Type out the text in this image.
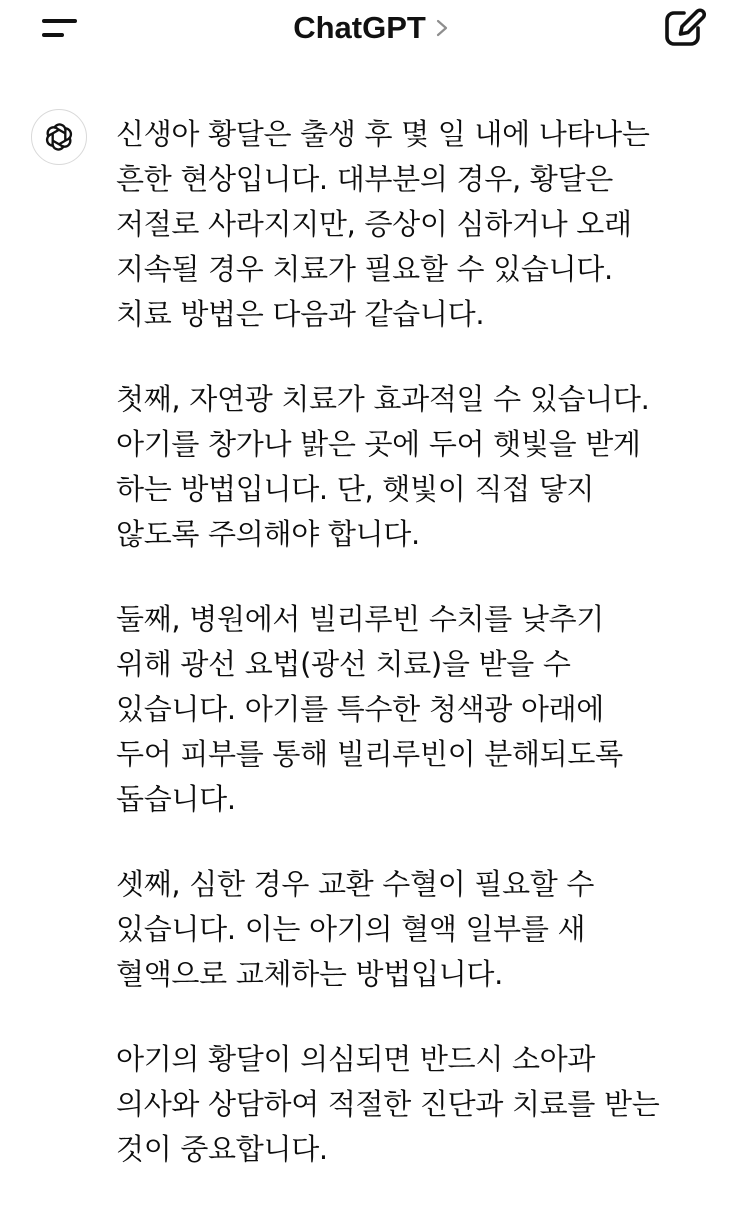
ChatGPT

신생아 황달은 출생 후 몇 일 내에 나타나는
흔한 현상입니다. 대부분의 경우, 황달은
저절로 사라지지만, 증상이 심하거나 오래
지속될 경우 치료가 필요할 수 있습니다.
치료 방법은 다음과 같습니다.

첫째, 자연광 치료가 효과적일 수 있습니다.
아기를 창가나 밝은 곳에 두어 햇빛을 받게
하는 방법입니다. 단, 햇빛이 직접 닿지
않도록 주의해야 합니다.

둘째, 병원에서 빌리루빈 수치를 낮추기
위해 광선 요법(광선 치료)을 받을 수
있습니다. 아기를 특수한 청색광 아래에
두어 피부를 통해 빌리루빈이 분해되도록
돕습니다.

셋째, 심한 경우 교환 수혈이 필요할 수
있습니다. 이는 아기의 혈액 일부를 새
혈액으로 교체하는 방법입니다.

아기의 황달이 의심되면 반드시 소아과
의사와 상담하여 적절한 진단과 치료를 받는
것이 중요합니다.
